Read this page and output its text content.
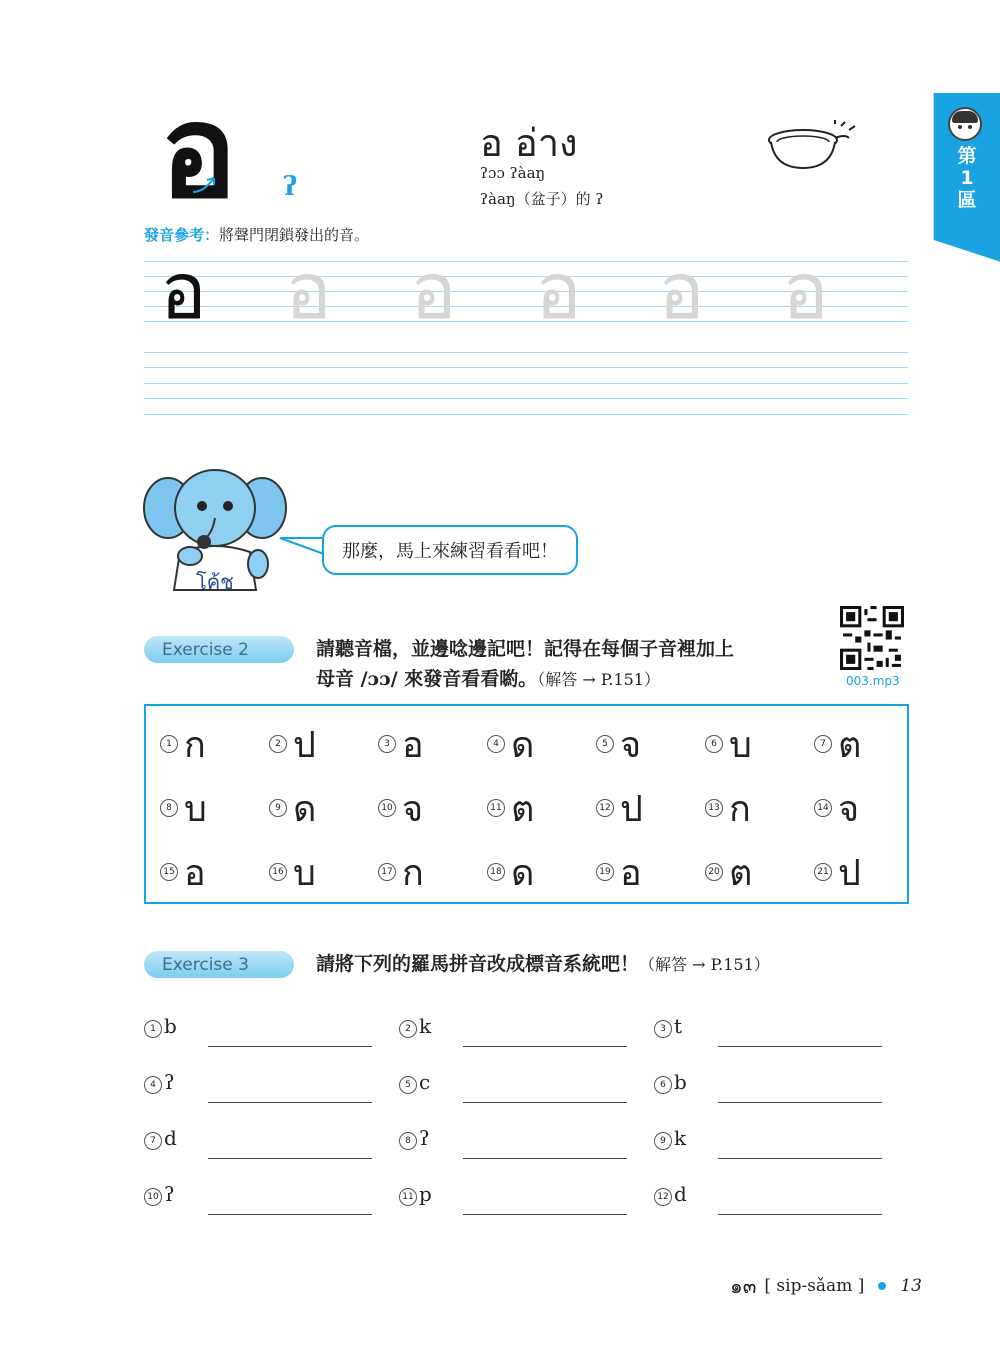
第1區
อ ʔ
อ อ่าง
ʔɔɔ ʔàaŋ
ʔàaŋ（盆子）的 ʔ
發音參考：將聲門閉鎖發出的音。
อ อ อ อ อ อ
โค้ช
那麼，馬上來練習看看吧！
Exercise 2	請聽音檔，並邊唸邊記吧！記得在每個子音裡加上
母音 /ɔɔ/ 來發音看看喲。（解答 → P.151）	003.mp3
1 ก	2 ป	3 อ	4 ด	5 จ	6 บ	7 ต
8 บ	9 ด	10 จ	11 ต	12 ป	13 ก	14 จ
15 อ	16 บ	17 ก	18 ด	19 อ	20 ต	21 ป
Exercise 3	請將下列的羅馬拼音改成標音系統吧！（解答 → P.151）
1 b	2 k	3 t
4 ʔ	5 c	6 b
7 d	8 ʔ	9 k
10 ʔ	11 p	12 d
๑๓ [ sip-sǎam ] 13
